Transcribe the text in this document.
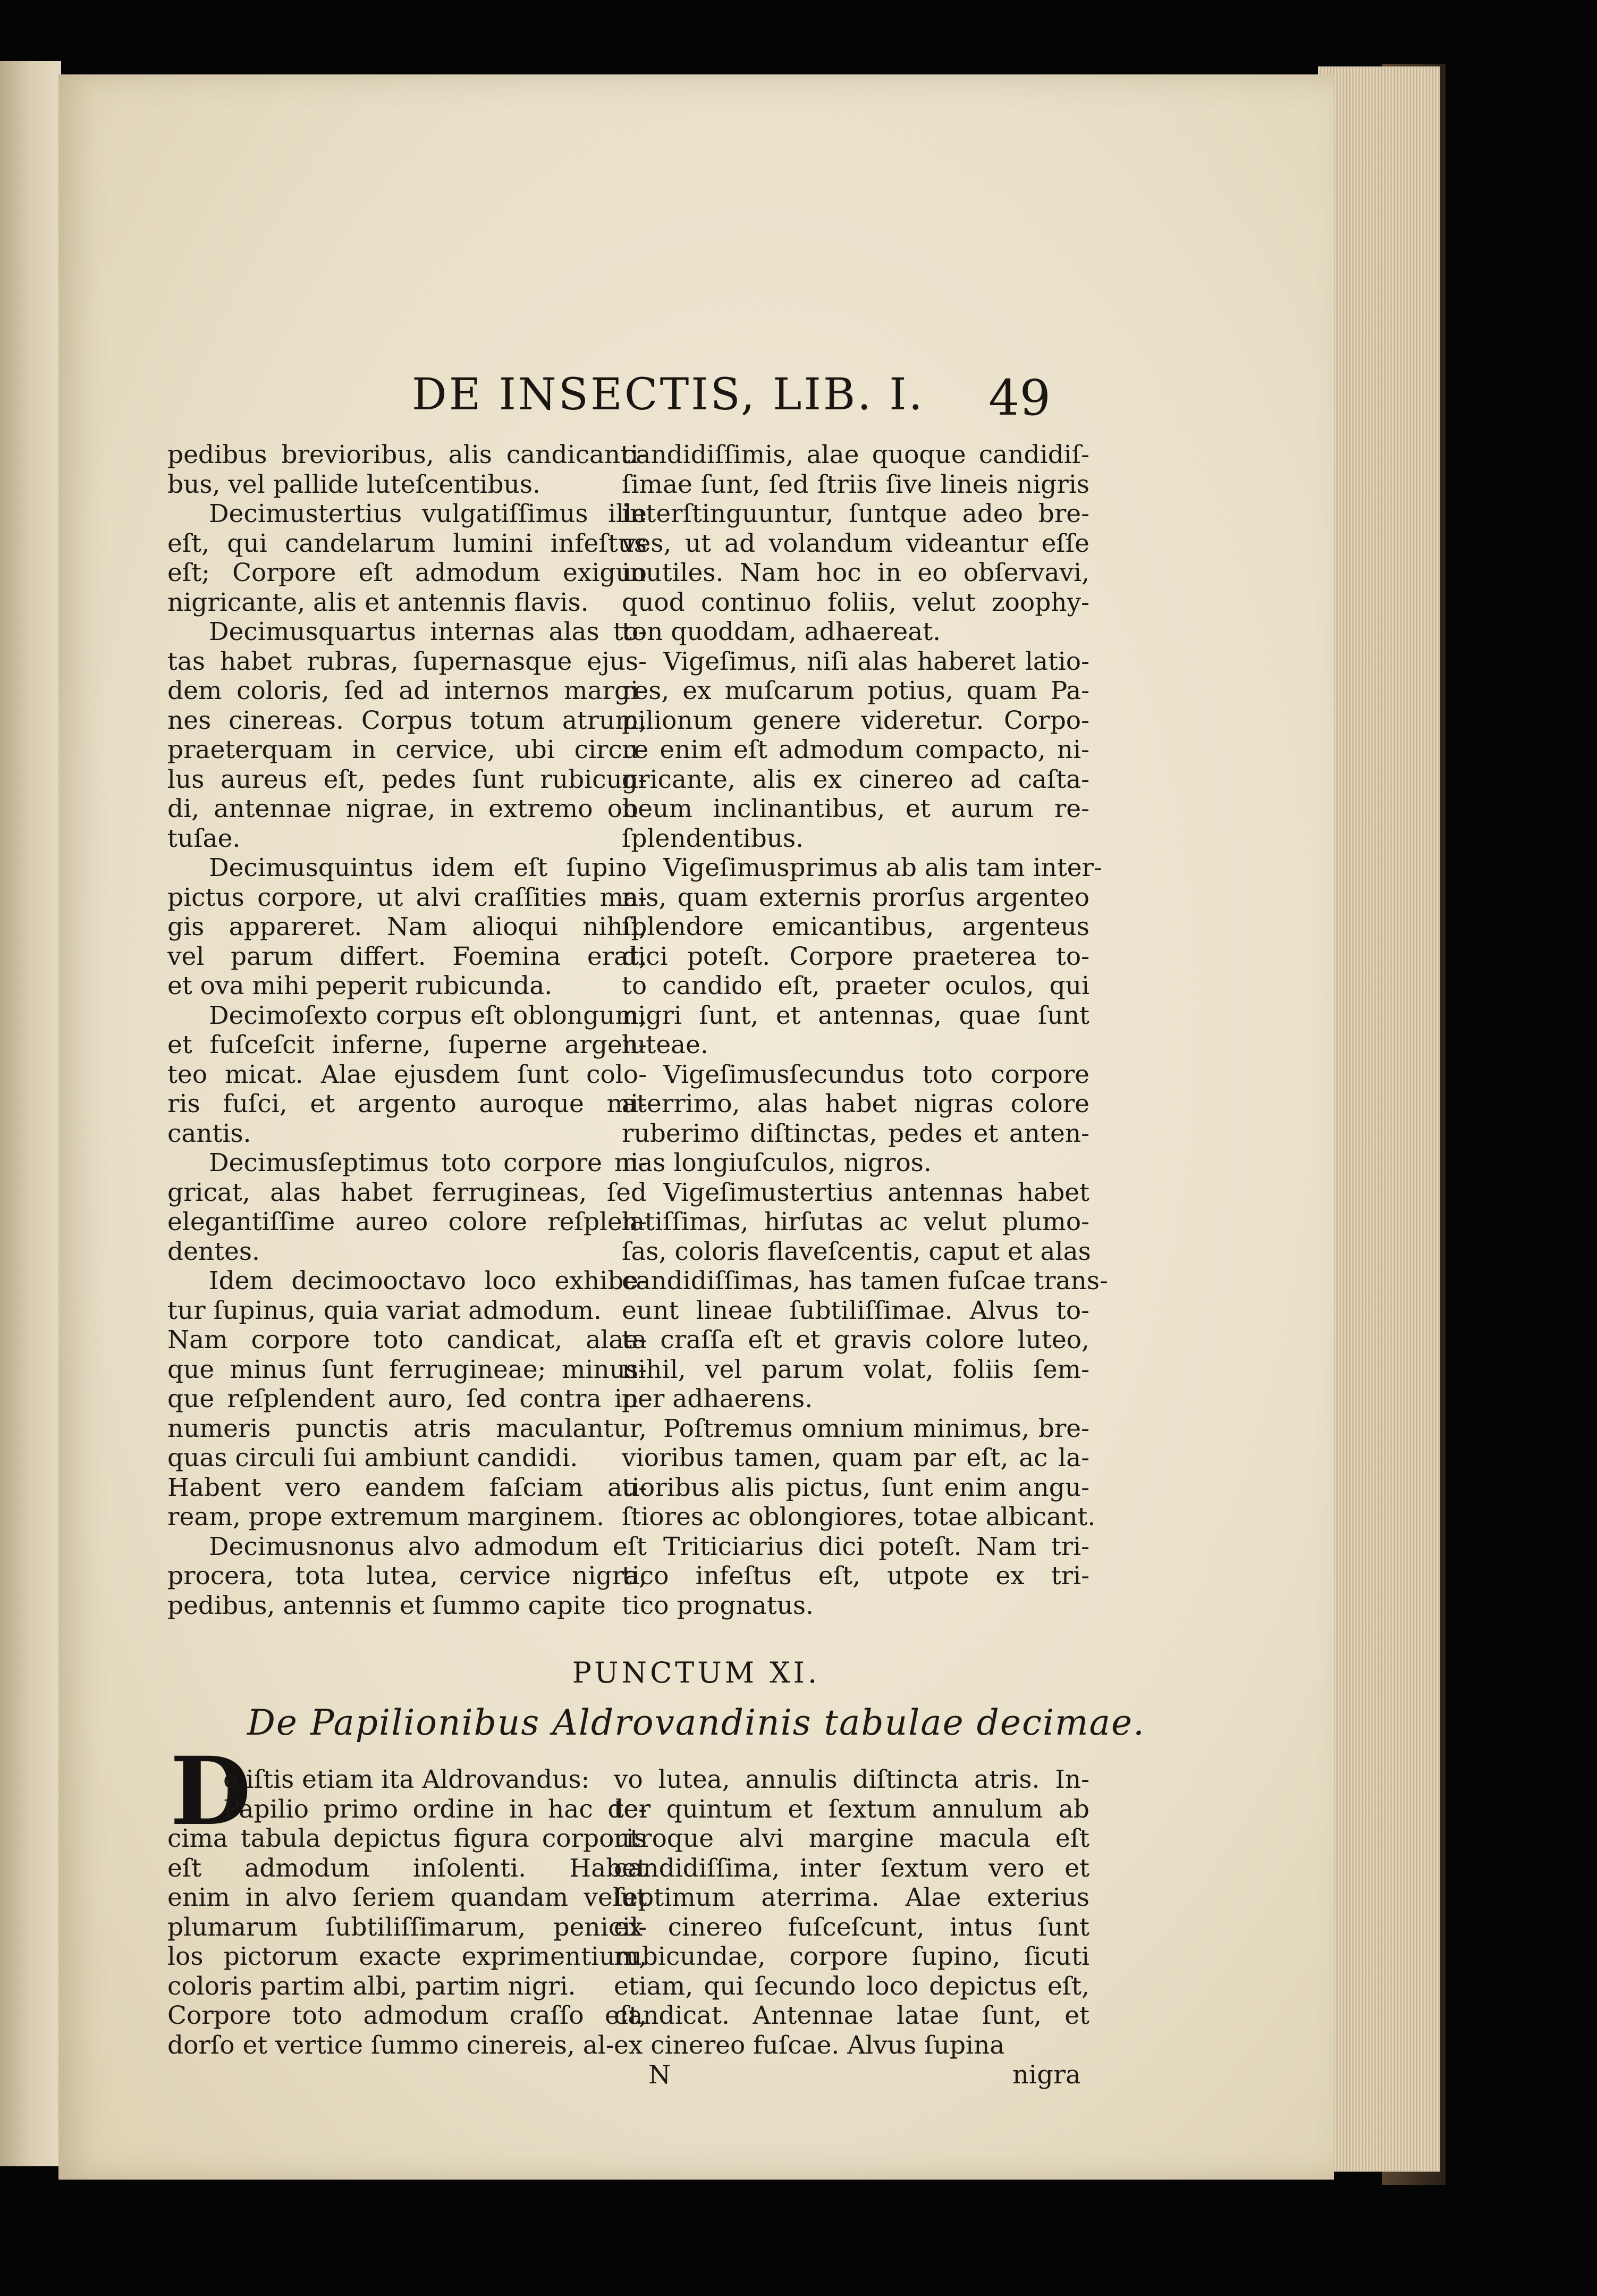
DE INSECTIS, LIB. I. 49

pedibus brevioribus, alis candicanti-

bus, vel pallide luteſcentibus.

Decimustertius vulgatiſſimus ille

eſt, qui candelarum lumini infeſtus

eſt; Corpore eſt admodum exiguo

nigricante, alis et antennis flavis.

Decimusquartus internas alas to-

tas habet rubras, ſupernasque ejus-

dem coloris, ſed ad internos margi-

nes cinereas. Corpus totum atrum,

praeterquam in cervice, ubi circu-

lus aureus eſt, pedes ſunt rubicun-

di, antennae nigrae, in extremo ob-

tuſae.

Decimusquintus idem eſt ſupino

pictus corpore, ut alvi craſſities ma-

gis appareret. Nam alioqui nihil,

vel parum differt. Foemina erat,

et ova mihi peperit rubicunda.

Decimoſexto corpus eſt oblongum,

et fuſceſcit inferne, ſuperne argen-

teo micat. Alae ejusdem ſunt colo-

ris fuſci, et argento auroque mi-

cantis.

Decimusſeptimus toto corpore ni-

gricat, alas habet ferrugineas, ſed

elegantiſſime aureo colore reſplen-

dentes.

Idem decimooctavo loco exhibe-

tur ſupinus, quia variat admodum.

Nam corpore toto candicat, alae-

que minus ſunt ferrugineae; minus-

que reſplendent auro, ſed contra in-

numeris punctis atris maculantur,

quas circuli ſui ambiunt candidi.

Habent vero eandem faſciam au-

ream, prope extremum marginem.

Decimusnonus alvo admodum eſt

procera, tota lutea, cervice nigra,

pedibus, antennis et ſummo capite

candidiſſimis, alae quoque candidiſ-

ſimae ſunt, ſed ſtriis ſive lineis nigris

interſtinguuntur, ſuntque adeo bre-

ves, ut ad volandum videantur eſſe

inutiles. Nam hoc in eo obſervavi,

quod continuo foliis, velut zoophy-

ton quoddam, adhaereat.

Vigeſimus, niſi alas haberet latio-

res, ex muſcarum potius, quam Pa-

pilionum genere videretur. Corpo-

re enim eſt admodum compacto, ni-

gricante, alis ex cinereo ad caſta-

neum inclinantibus, et aurum re-

ſplendentibus.

Vigeſimusprimus ab alis tam inter-

nis, quam externis prorſus argenteo

ſplendore emicantibus, argenteus

dici poteſt. Corpore praeterea to-

to candido eſt, praeter oculos, qui

nigri ſunt, et antennas, quae ſunt

luteae.

Vigeſimusſecundus toto corpore

aterrimo, alas habet nigras colore

ruberimo diſtinctas, pedes et anten-

nas longiuſculos, nigros.

Vigeſimustertius antennas habet

latiſſimas, hirſutas ac velut plumo-

ſas, coloris flaveſcentis, caput et alas

candidiſſimas, has tamen fuſcae trans-

eunt lineae ſubtiliſſimae. Alvus to-

ta craſſa eſt et gravis colore luteo,

nihil, vel parum volat, foliis ſem-

per adhaerens.

Poſtremus omnium minimus, bre-

vioribus tamen, quam par eſt, ac la-

tioribus alis pictus, ſunt enim angu-

ſtiores ac oblongiores, totae albicant.

Triticiarius dici poteſt. Nam tri-

tico infeſtus eſt, utpote ex tri-

tico prognatus.

PUNCTUM XI.
De Papilionibus Aldrovandinis tabulae decimae.
D

e iſtis etiam ita Aldrovandus:

Papilio primo ordine in hac de-

cima tabula depictus figura corporis

eſt admodum inſolenti. Habet

enim in alvo ſeriem quandam velut

plumarum ſubtiliſſimarum, penicil-

los pictorum exacte exprimentium,

coloris partim albi, partim nigri.

Corpore toto admodum craſſo eſt,

dorſo et vertice ſummo cinereis, al-

vo lutea, annulis diſtincta atris. In-

ter quintum et ſextum annulum ab

utroque alvi margine macula eſt

candidiſſima, inter ſextum vero et

ſeptimum aterrima. Alae exterius

ex cinereo fuſceſcunt, intus ſunt

rubicundae, corpore ſupino, ſicuti

etiam, qui ſecundo loco depictus eſt,

candicat. Antennae latae ſunt, et

ex cinereo fuſcae. Alvus ſupina

N	nigra
